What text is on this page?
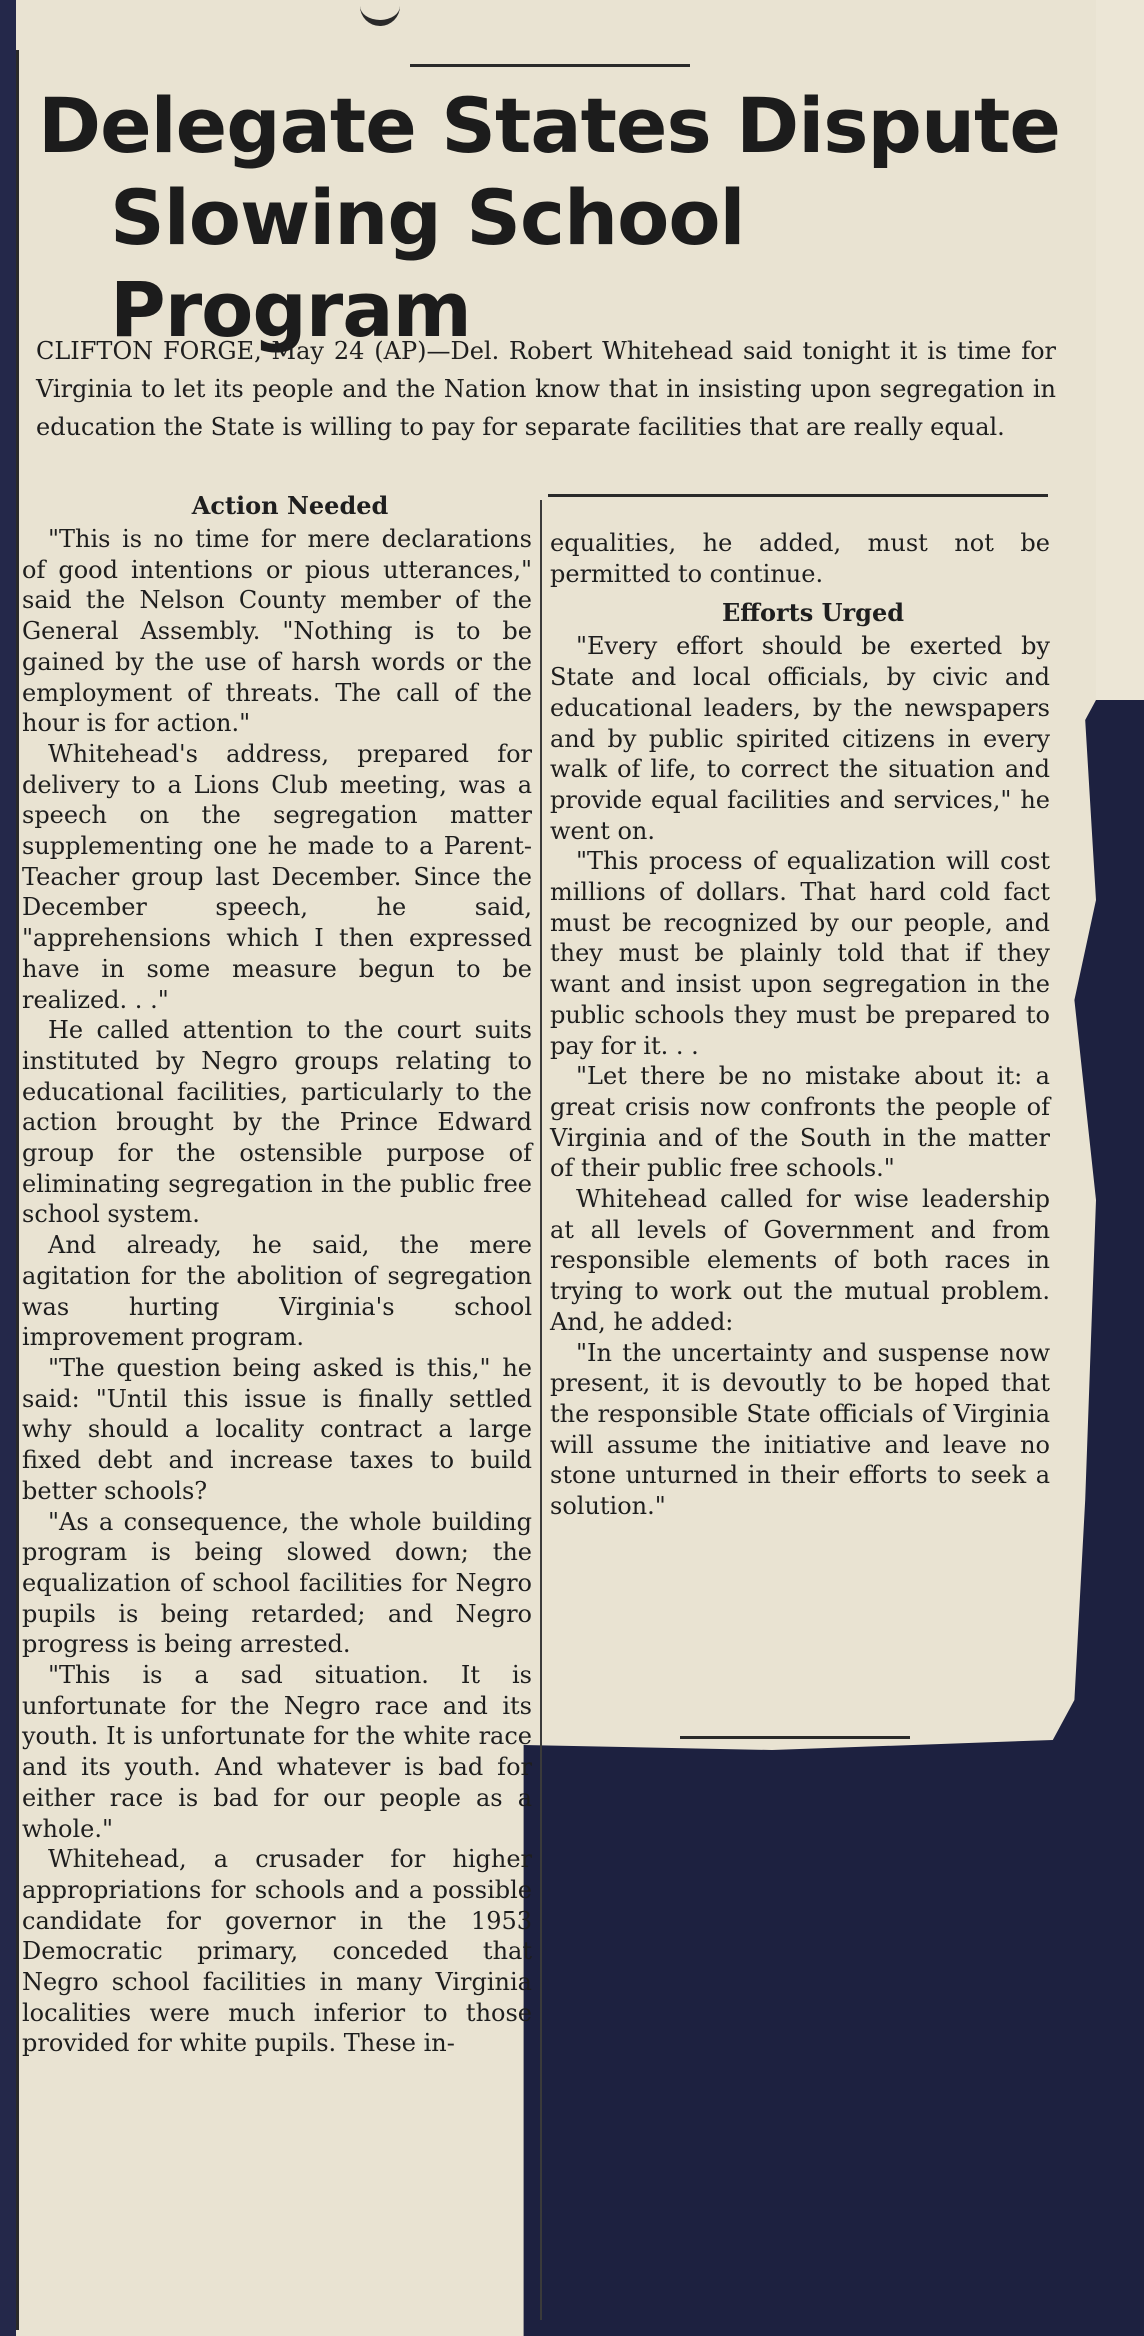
Delegate States Dispute
Slowing School Program

CLIFTON FORGE, May 24 (AP)—Del. Robert Whitehead said tonight it is time for Virginia to let its people and the Nation know that in insisting upon segregation in education the State is willing to pay for separate facilities that are really equal.

Action Needed

"This is no time for mere declarations of good intentions or pious utterances," said the Nelson County member of the General Assembly. "Nothing is to be gained by the use of harsh words or the employment of threats. The call of the hour is for action."

Whitehead's address, prepared for delivery to a Lions Club meeting, was a speech on the segregation matter supplementing one he made to a Parent-Teacher group last December. Since the December speech, he said, "apprehensions which I then expressed have in some measure begun to be realized. . ."

He called attention to the court suits instituted by Negro groups relating to educational facilities, particularly to the action brought by the Prince Edward group for the ostensible purpose of eliminating segregation in the public free school system.

And already, he said, the mere agitation for the abolition of segregation was hurting Virginia's school improvement program.

"The question being asked is this," he said: "Until this issue is finally settled why should a locality contract a large fixed debt and increase taxes to build better schools?

"As a consequence, the whole building program is being slowed down; the equalization of school facilities for Negro pupils is being retarded; and Negro progress is being arrested.

"This is a sad situation. It is unfortunate for the Negro race and its youth. It is unfortunate for the white race and its youth. And whatever is bad for either race is bad for our people as a whole."

Whitehead, a crusader for higher appropriations for schools and a possible candidate for governor in the 1953 Democratic primary, conceded that Negro school facilities in many Virginia localities were much inferior to those provided for white pupils. These in-

equalities, he added, must not be permitted to continue.

Efforts Urged

"Every effort should be exerted by State and local officials, by civic and educational leaders, by the newspapers and by public spirited citizens in every walk of life, to correct the situation and provide equal facilities and services," he went on.

"This process of equalization will cost millions of dollars. That hard cold fact must be recognized by our people, and they must be plainly told that if they want and insist upon segregation in the public schools they must be prepared to pay for it. . .

"Let there be no mistake about it: a great crisis now confronts the people of Virginia and of the South in the matter of their public free schools."

Whitehead called for wise leadership at all levels of Government and from responsible elements of both races in trying to work out the mutual problem. And, he added:

"In the uncertainty and suspense now present, it is devoutly to be hoped that the responsible State officials of Virginia will assume the initiative and leave no stone unturned in their efforts to seek a solution."
